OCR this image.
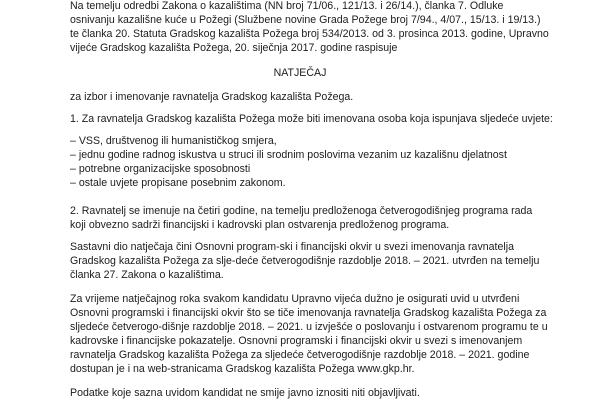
Na temelju odredbi Zakona o kazalištima (NN broj 71/06., 121/13. i 26/14.), članka 7. Odluke
osnivanju kazališne kuće u Požegi (Službene novine Grada Požege broj 7/94., 4/07., 15/13. i 19/13.)
te članka 20. Statuta Gradskog kazališta Požega broj 534/2013. od 3. prosinca 2013. godine, Upravno
vijeće Gradskog kazališta Požega, 20. siječnja 2017. godine raspisuje
NATJEČAJ
za izbor i imenovanje ravnatelja Gradskog kazališta Požega.
1. Za ravnatelja Gradskog kazališta Požega može biti imenovana osoba koja ispunjava sljedeće uvjete:
– VSS, društvenog ili humanističkog smjera,
– jednu godine radnog iskustva u struci ili srodnim poslovima vezanim uz kazališnu djelatnost
– potrebne organizacijske sposobnosti
– ostale uvjete propisane posebnim zakonom.
2. Ravnatelj se imenuje na četiri godine, na temelju predloženoga četverogodišnjeg programa rada
koji obvezno sadrži financijski i kadrovski plan ostvarenja predloženog programa.
Sastavni dio natječaja čini Osnovni program-ski i financijski okvir u svezi imenovanja ravnatelja
Gradskog kazališta Požega za slje-deće četverogodišnje razdoblje 2018. – 2021. utvrđen na temelju
članka 27. Zakona o kazalištima.
Za vrijeme natječajnog roka svakom kandidatu Upravno vijeća dužno je osigurati uvid u utvrđeni
Osnovni programski i financijski okvir što se tiče imenovanja ravnatelja Gradskog kazališta Požega za
sljedeće četverogo-dišnje razdoblje 2018. – 2021. u izvješće o poslovanju i ostvarenom programu te u
kadrovske i financijske pokazatelje. Osnovni programski i financijski okvir u svezi s imenovanjem
ravnatelja Gradskog kazališta Požega za sljedeće četverogodišnje razdoblje 2018. – 2021. godine
dostupan je i na web-stranicama Gradskog kazališta Požega www.gkp.hr.
Podatke koje sazna uvidom kandidat ne smije javno iznositi niti objavljivati.
